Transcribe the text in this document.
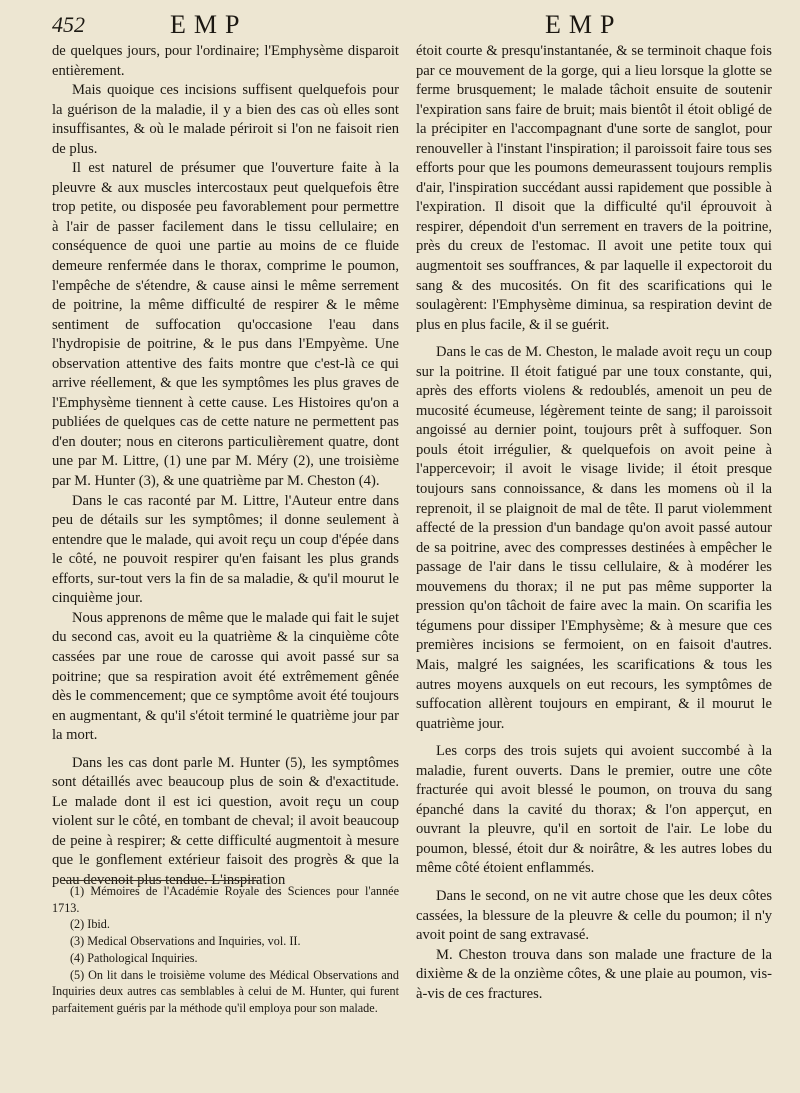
452	EMP	EMP

de quelques jours, pour l'ordinaire; l'Emphysème disparoit entièrement.

Mais quoique ces incisions suffisent quelquefois pour la guérison de la maladie, il y a bien des cas où elles sont insuffisantes, & où le malade périroit si l'on ne faisoit rien de plus.

Il est naturel de présumer que l'ouverture faite à la pleuvre & aux muscles intercostaux peut quelquefois être trop petite, ou disposée peu favorablement pour permettre à l'air de passer facilement dans le tissu cellulaire; en conséquence de quoi une partie au moins de ce fluide demeure renfermée dans le thorax, comprime le poumon, l'empêche de s'étendre, & cause ainsi le même serrement de poitrine, la même difficulté de respirer & le même sentiment de suffocation qu'occasione l'eau dans l'hydropisie de poitrine, & le pus dans l'Empyème. Une observation attentive des faits montre que c'est-là ce qui arrive réellement, & que les symptômes les plus graves de l'Emphysème tiennent à cette cause. Les Histoires qu'on a publiées de quelques cas de cette nature ne permettent pas d'en douter; nous en citerons particulièrement quatre, dont une par M. Littre, (1) une par M. Méry (2), une troisième par M. Hunter (3), & une quatrième par M. Cheston (4).

Dans le cas raconté par M. Littre, l'Auteur entre dans peu de détails sur les symptômes; il donne seulement à entendre que le malade, qui avoit reçu un coup d'épée dans le côté, ne pouvoit respirer qu'en faisant les plus grands efforts, sur-tout vers la fin de sa maladie, & qu'il mourut le cinquième jour.

Nous apprenons de même que le malade qui fait le sujet du second cas, avoit eu la quatrième & la cinquième côte cassées par une roue de carosse qui avoit passé sur sa poitrine; que sa respiration avoit été extrêmement gênée dès le commencement; que ce symptôme avoit été toujours en augmentant, & qu'il s'étoit terminé le quatrième jour par la mort.

Dans les cas dont parle M. Hunter (5), les symptômes sont détaillés avec beaucoup plus de soin & d'exactitude. Le malade dont il est ici question, avoit reçu un coup violent sur le côté, en tombant de cheval; il avoit beaucoup de peine à respirer; & cette difficulté augmentoit à mesure que le gonflement extérieur faisoit des progrès & que la peau devenoit plus tendue. L'inspiration

(1) Mémoires de l'Académie Royale des Sciences pour l'année 1713.

(2) Ibid.

(3) Medical Observations and Inquiries, vol. II.

(4) Pathological Inquiries.

(5) On lit dans le troisième volume des Médical Observations and Inquiries deux autres cas semblables à celui de M. Hunter, qui furent parfaitement guéris par la méthode qu'il employa pour son malade.

étoit courte & presqu'instantanée, & se terminoit chaque fois par ce mouvement de la gorge, qui a lieu lorsque la glotte se ferme brusquement; le malade tâchoit ensuite de soutenir l'expiration sans faire de bruit; mais bientôt il étoit obligé de la précipiter en l'accompagnant d'une sorte de sanglot, pour renouveller à l'instant l'inspiration; il paroissoit faire tous ses efforts pour que les poumons demeurassent toujours remplis d'air, l'inspiration succédant aussi rapidement que possible à l'expiration. Il disoit que la difficulté qu'il éprouvoit à respirer, dépendoit d'un serrement en travers de la poitrine, près du creux de l'estomac. Il avoit une petite toux qui augmentoit ses souffrances, & par laquelle il expectoroit du sang & des mucosités. On fit des scarifications qui le soulagèrent: l'Emphysème diminua, sa respiration devint de plus en plus facile, & il se guérit.

Dans le cas de M. Cheston, le malade avoit reçu un coup sur la poitrine. Il étoit fatigué par une toux constante, qui, après des efforts violens & redoublés, amenoit un peu de mucosité écumeuse, légèrement teinte de sang; il paroissoit angoissé au dernier point, toujours prêt à suffoquer. Son pouls étoit irrégulier, & quelquefois on avoit peine à l'appercevoir; il avoit le visage livide; il étoit presque toujours sans connoissance, & dans les momens où il la reprenoit, il se plaignoit de mal de tête. Il parut violemment affecté de la pression d'un bandage qu'on avoit passé autour de sa poitrine, avec des compresses destinées à empêcher le passage de l'air dans le tissu cellulaire, & à modérer les mouvemens du thorax; il ne put pas même supporter la pression qu'on tâchoit de faire avec la main. On scarifia les tégumens pour dissiper l'Emphysème; & à mesure que ces premières incisions se fermoient, on en faisoit d'autres. Mais, malgré les saignées, les scarifications & tous les autres moyens auxquels on eut recours, les symptômes de suffocation allèrent toujours en empirant, & il mourut le quatrième jour.

Les corps des trois sujets qui avoient succombé à la maladie, furent ouverts. Dans le premier, outre une côte fracturée qui avoit blessé le poumon, on trouva du sang épanché dans la cavité du thorax; & l'on apperçut, en ouvrant la pleuvre, qu'il en sortoit de l'air. Le lobe du poumon, blessé, étoit dur & noirâtre, & les autres lobes du même côté étoient enflammés.

Dans le second, on ne vit autre chose que les deux côtes cassées, la blessure de la pleuvre & celle du poumon; il n'y avoit point de sang extravasé.

M. Cheston trouva dans son malade une fracture de la dixième & de la onzième côtes, & une plaie au poumon, vis-à-vis de ces fractures.
